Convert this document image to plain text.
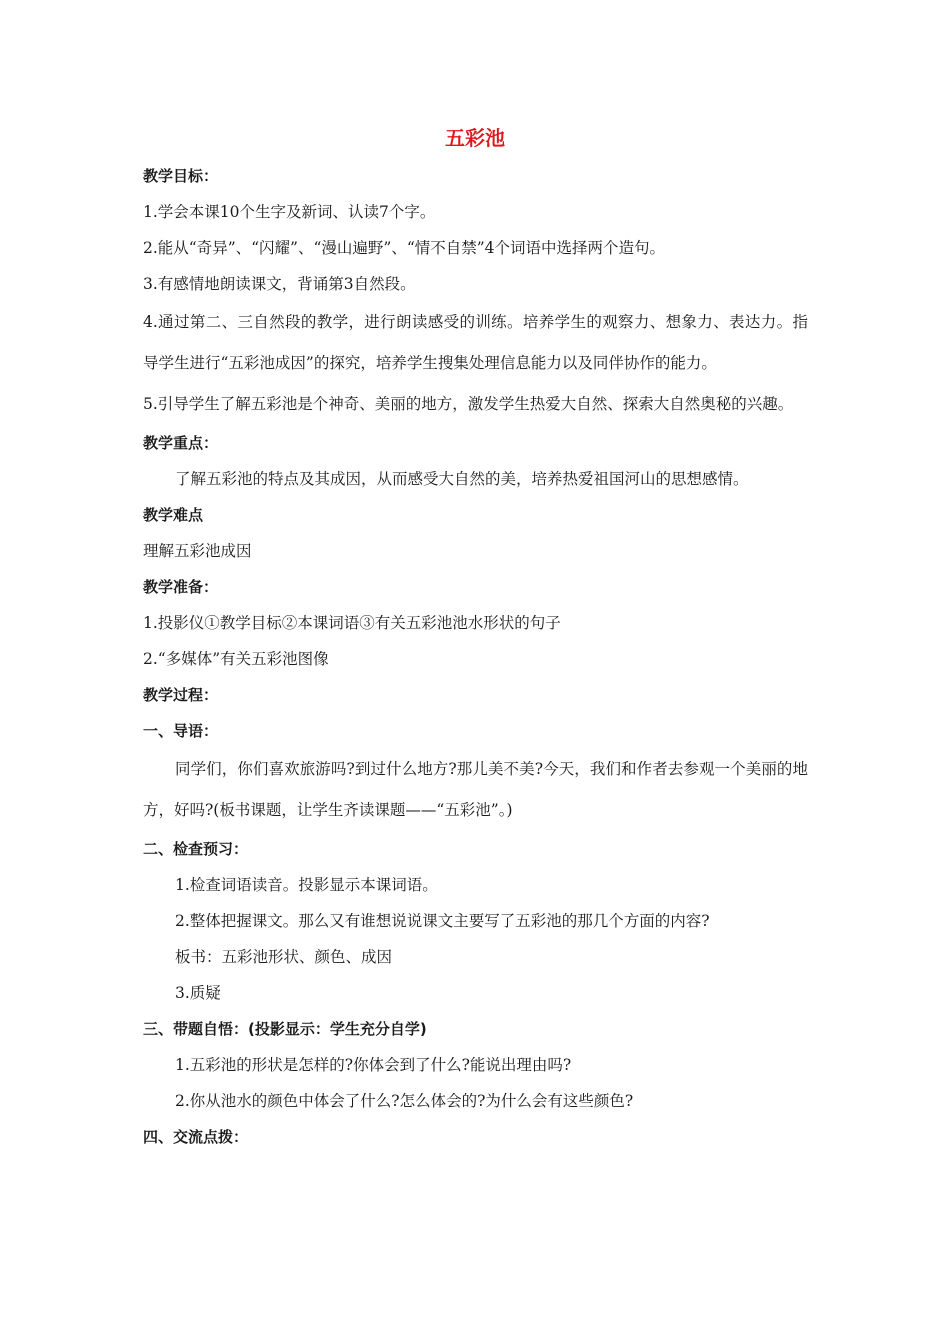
五彩池
教学目标：
1.学会本课10个生字及新词、认读7个字。
2.能从“奇异”、“闪耀”、“漫山遍野”、“情不自禁”4个词语中选择两个造句。
3.有感情地朗读课文，背诵第3自然段。
4.通过第二、三自然段的教学，进行朗读感受的训练。培养学生的观察力、想象力、表达力。指导学生进行“五彩池成因”的探究，培养学生搜集处理信息能力以及同伴协作的能力。
5.引导学生了解五彩池是个神奇、美丽的地方，激发学生热爱大自然、探索大自然奥秘的兴趣。
教学重点：
了解五彩池的特点及其成因，从而感受大自然的美，培养热爱祖国河山的思想感情。
教学难点
理解五彩池成因
教学准备：
1.投影仪①教学目标②本课词语③有关五彩池池水形状的句子
2.“多媒体”有关五彩池图像
教学过程：
一、导语：
同学们，你们喜欢旅游吗?到过什么地方?那儿美不美?今天，我们和作者去参观一个美丽的地方，好吗?(板书课题，让学生齐读课题——“五彩池”。)
二、检查预习：
1.检查词语读音。投影显示本课词语。
2.整体把握课文。那么又有谁想说说课文主要写了五彩池的那几个方面的内容?
板书：五彩池形状、颜色、成因
3.质疑
三、带题自悟：(投影显示：学生充分自学)
1.五彩池的形状是怎样的?你体会到了什么?能说出理由吗?
2.你从池水的颜色中体会了什么?怎么体会的?为什么会有这些颜色?
四、交流点拨：
